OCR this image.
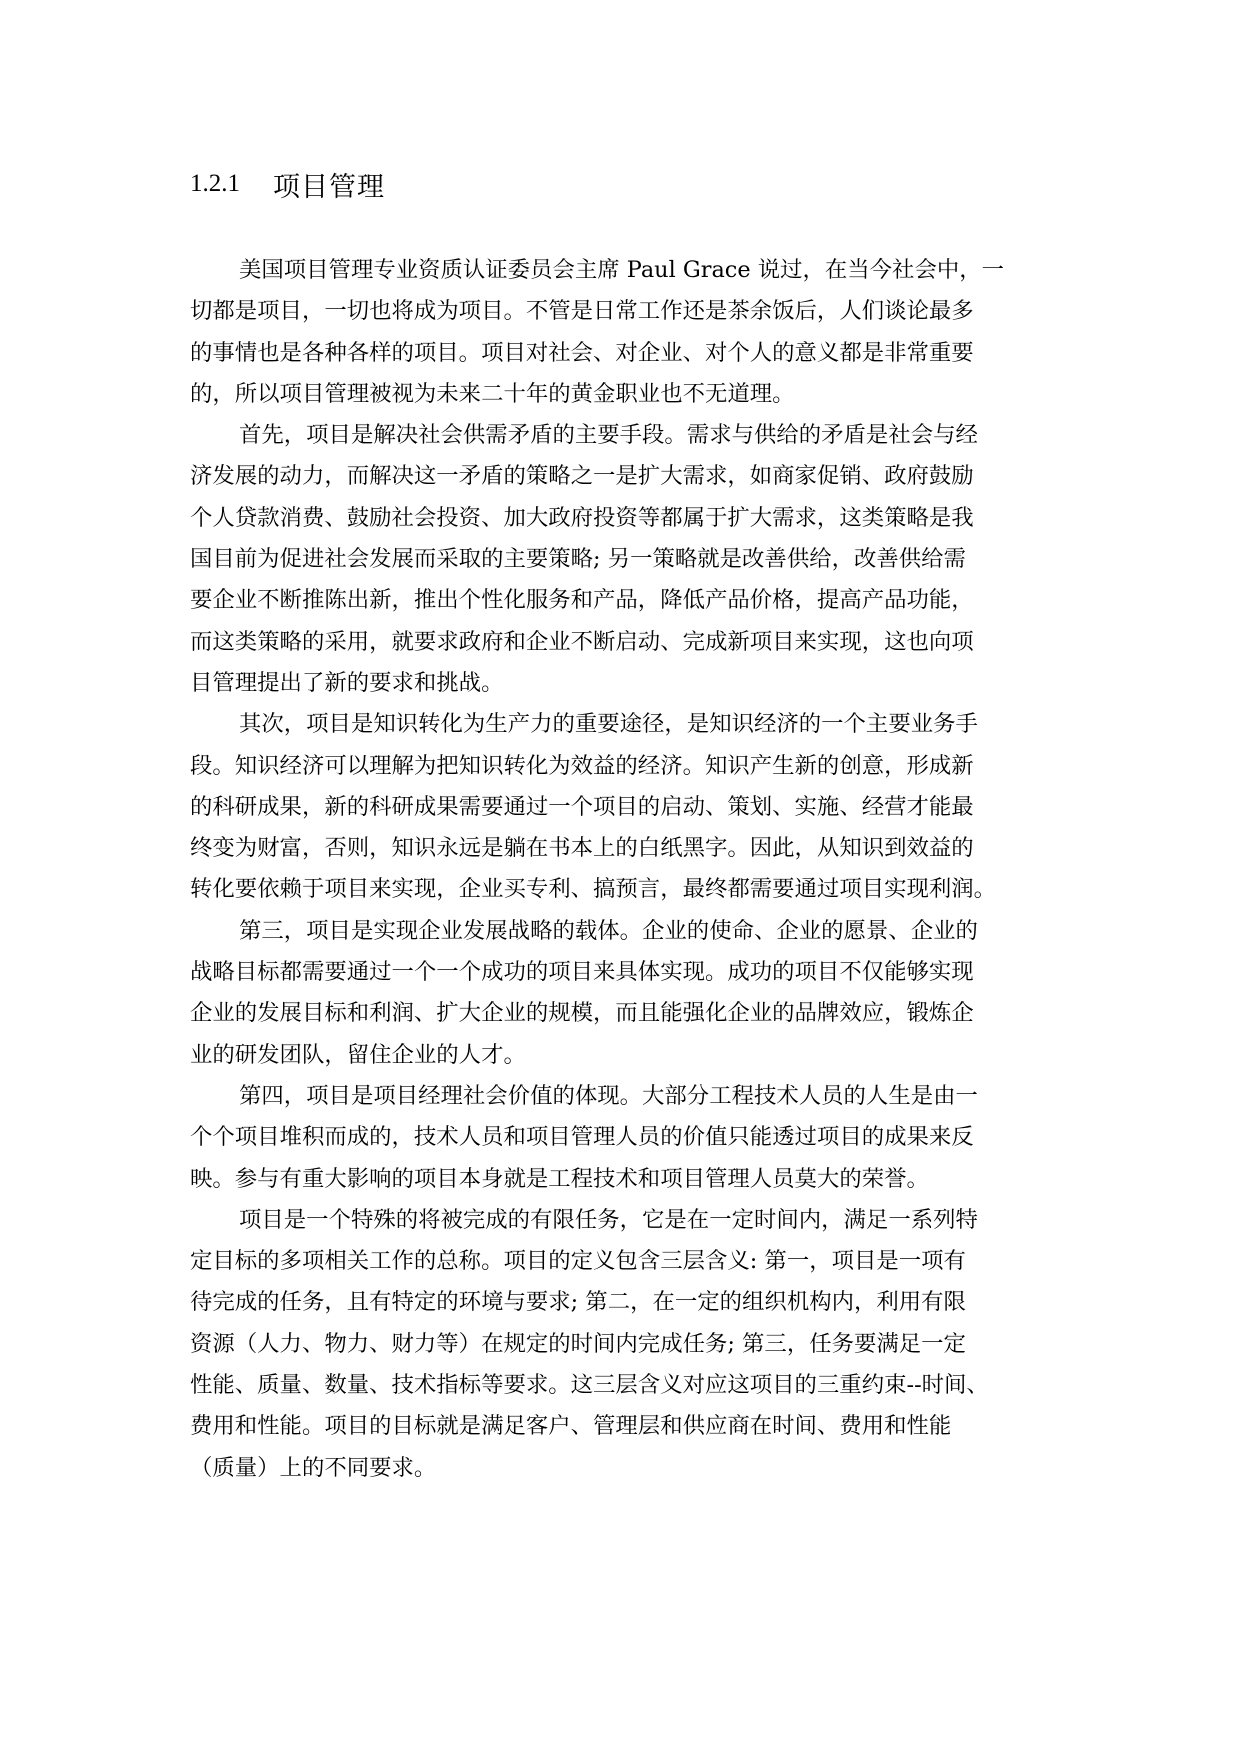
1.2.1	项目管理

美国项目管理专业资质认证委员会主席 Paul Grace 说过，在当今社会中，一
切都是项目，一切也将成为项目。不管是日常工作还是茶余饭后，人们谈论最多
的事情也是各种各样的项目。项目对社会、对企业、对个人的意义都是非常重要
的，所以项目管理被视为未来二十年的黄金职业也不无道理。

首先，项目是解决社会供需矛盾的主要手段。需求与供给的矛盾是社会与经
济发展的动力，而解决这一矛盾的策略之一是扩大需求，如商家促销、政府鼓励
个人贷款消费、鼓励社会投资、加大政府投资等都属于扩大需求，这类策略是我
国目前为促进社会发展而采取的主要策略; 另一策略就是改善供给，改善供给需
要企业不断推陈出新，推出个性化服务和产品，降低产品价格，提高产品功能，
而这类策略的采用，就要求政府和企业不断启动、完成新项目来实现，这也向项
目管理提出了新的要求和挑战。

其次，项目是知识转化为生产力的重要途径，是知识经济的一个主要业务手
段。知识经济可以理解为把知识转化为效益的经济。知识产生新的创意，形成新
的科研成果，新的科研成果需要通过一个项目的启动、策划、实施、经营才能最
终变为财富，否则，知识永远是躺在书本上的白纸黑字。因此，从知识到效益的
转化要依赖于项目来实现，企业买专利、搞预言，最终都需要通过项目实现利润。

第三，项目是实现企业发展战略的载体。企业的使命、企业的愿景、企业的
战略目标都需要通过一个一个成功的项目来具体实现。成功的项目不仅能够实现
企业的发展目标和利润、扩大企业的规模，而且能强化企业的品牌效应，锻炼企
业的研发团队，留住企业的人才。

第四，项目是项目经理社会价值的体现。大部分工程技术人员的人生是由一
个个项目堆积而成的，技术人员和项目管理人员的价值只能透过项目的成果来反
映。参与有重大影响的项目本身就是工程技术和项目管理人员莫大的荣誉。

项目是一个特殊的将被完成的有限任务，它是在一定时间内，满足一系列特
定目标的多项相关工作的总称。项目的定义包含三层含义: 第一，项目是一项有
待完成的任务，且有特定的环境与要求; 第二，在一定的组织机构内，利用有限
资源（人力、物力、财力等）在规定的时间内完成任务; 第三，任务要满足一定
性能、质量、数量、技术指标等要求。这三层含义对应这项目的三重约束--时间、
费用和性能。项目的目标就是满足客户、管理层和供应商在时间、费用和性能
（质量）上的不同要求。
